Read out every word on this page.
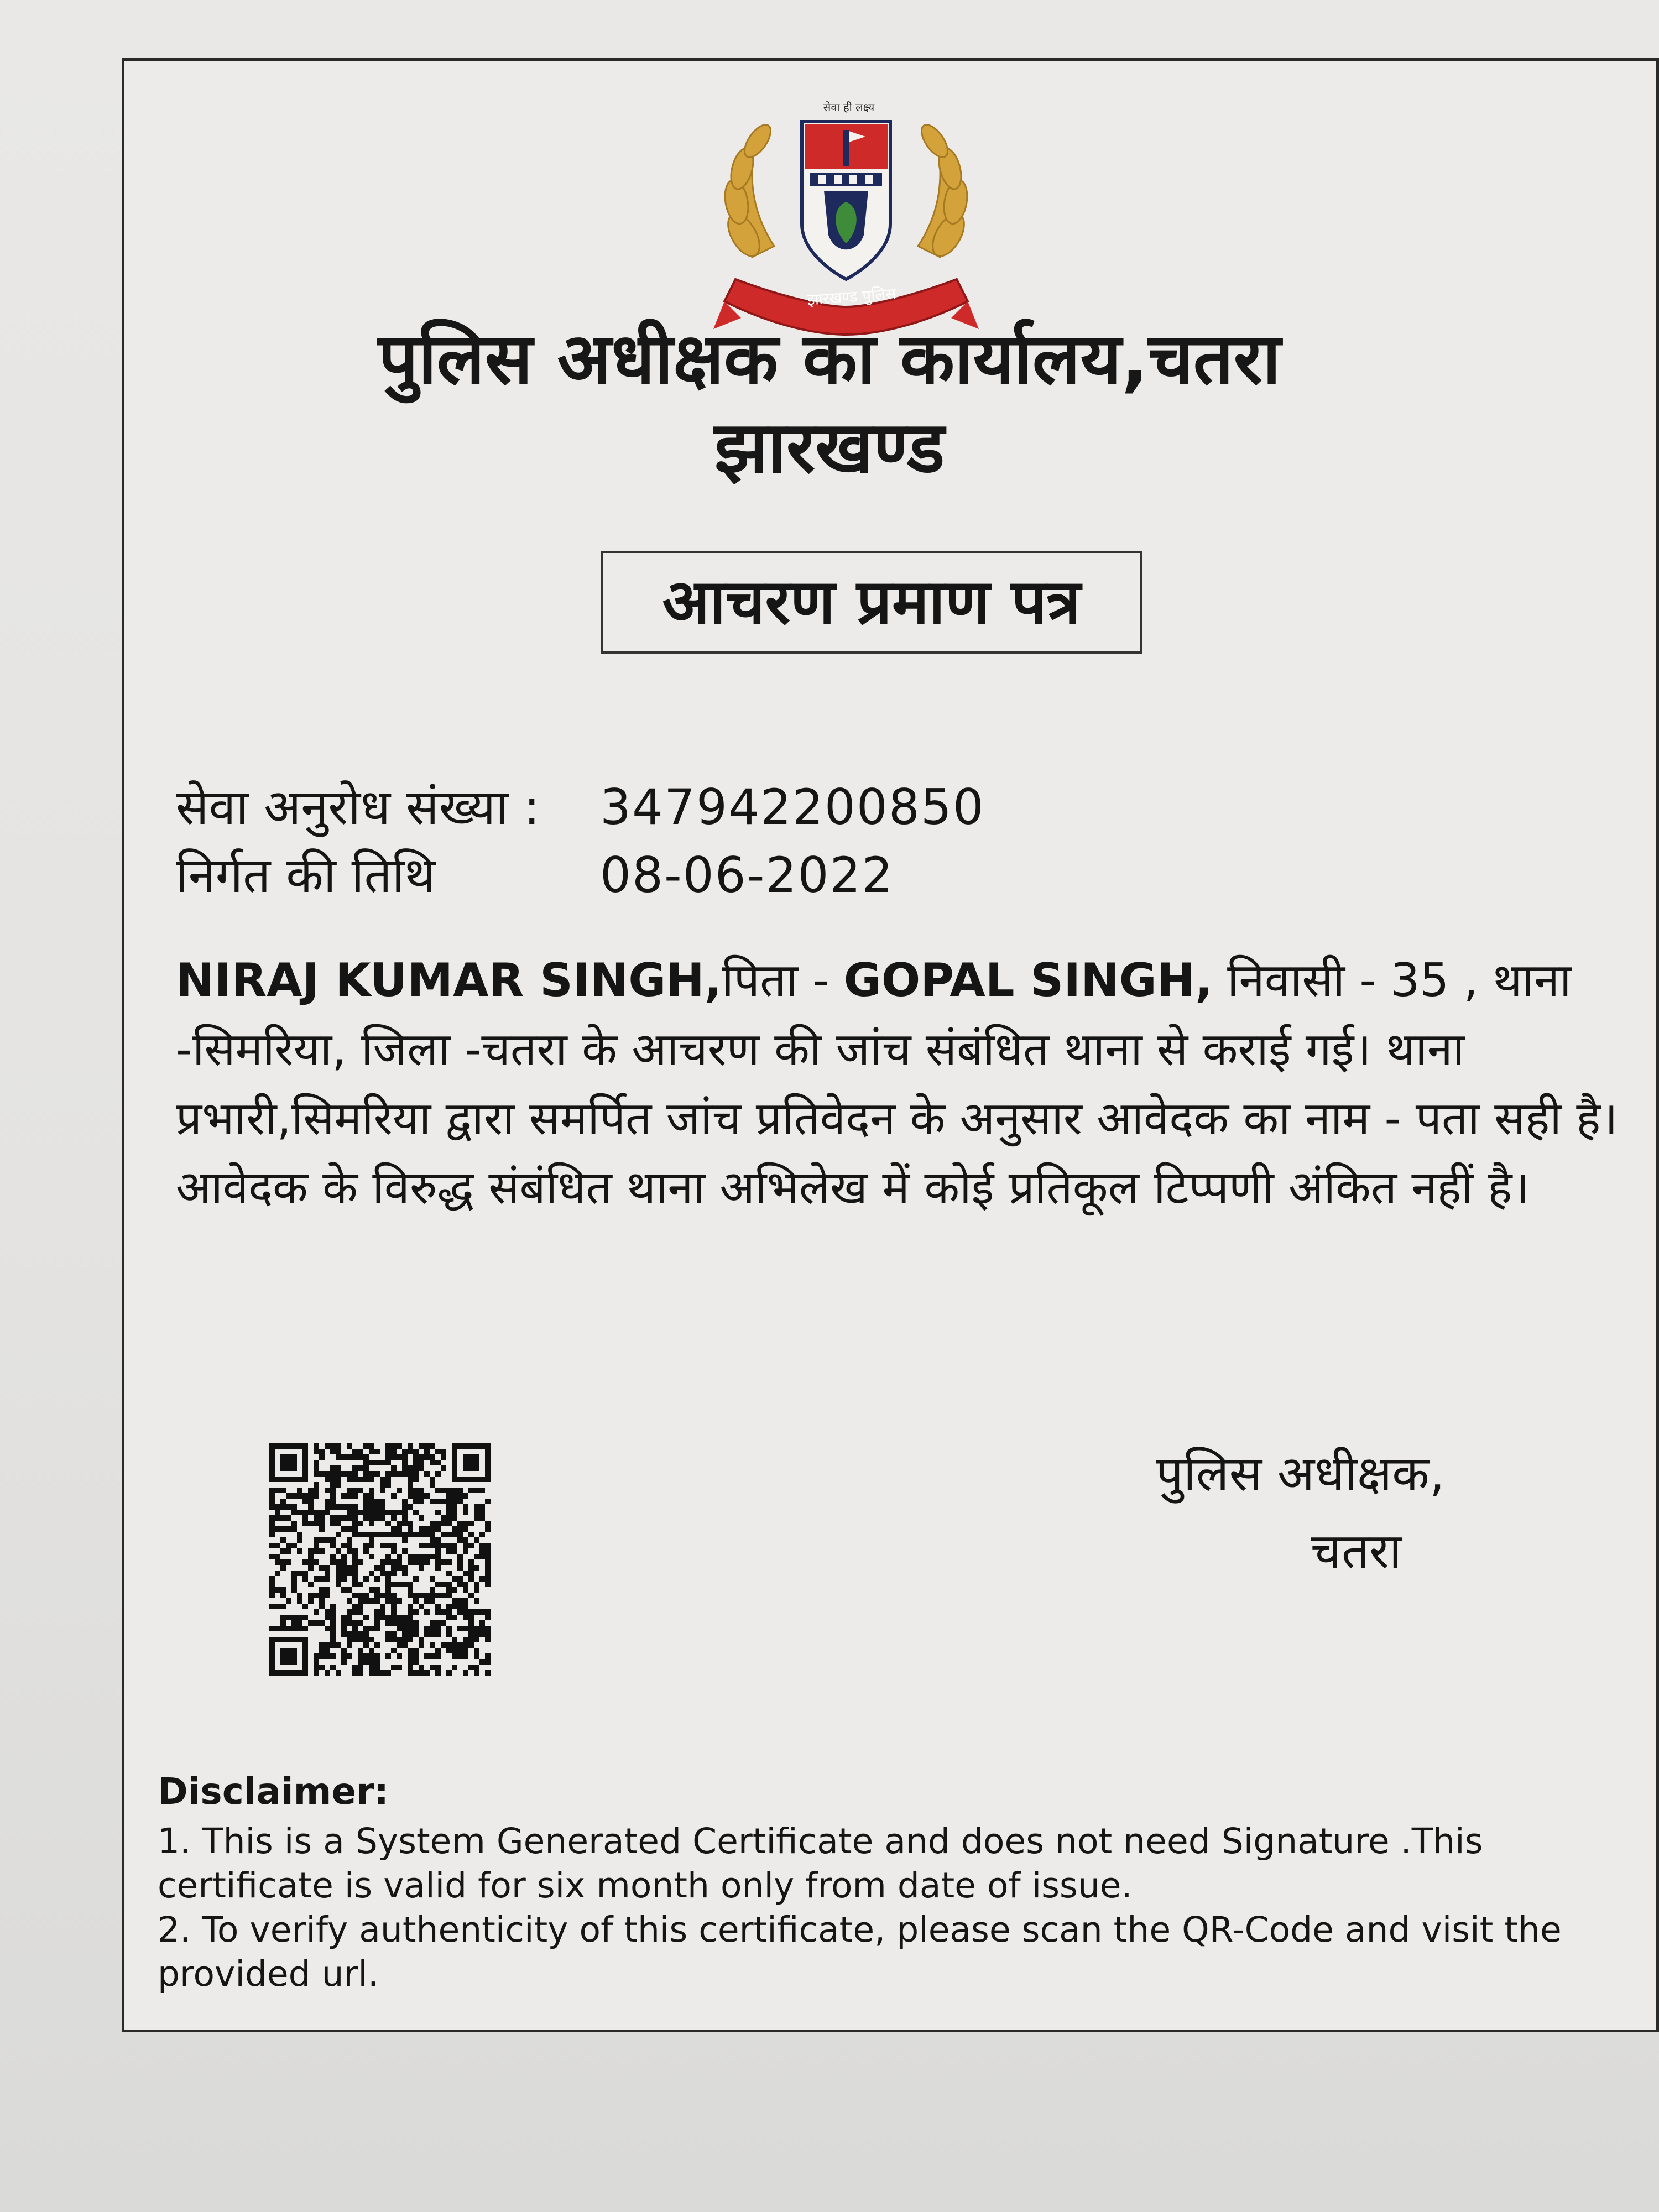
सेवा ही लक्ष्य
झारखण्ड पुलिस
पुलिस अधीक्षक का कार्यालय,चतरा
झारखण्ड
आचरण प्रमाण पत्र
सेवा अनुरोध संख्या : 347942200850
निर्गत की तिथि	08-06-2022
NIRAJ KUMAR SINGH,पिता - GOPAL SINGH, निवासी - 35 , थाना -सिमरिया, जिला -चतरा के आचरण की जांच संबंधित थाना से कराई गई। थाना प्रभारी,सिमरिया द्वारा समर्पित जांच प्रतिवेदन के अनुसार आवेदक का नाम - पता सही है। आवेदक के विरुद्ध संबंधित थाना अभिलेख में कोई प्रतिकूल टिप्पणी अंकित नहीं है।
पुलिस अधीक्षक,
चतरा
Disclaimer:
1. This is a System Generated Certificate and does not need Signature .This certificate is valid for six month only from date of issue.
2. To verify authenticity of this certificate, please scan the QR-Code and visit the provided url.
